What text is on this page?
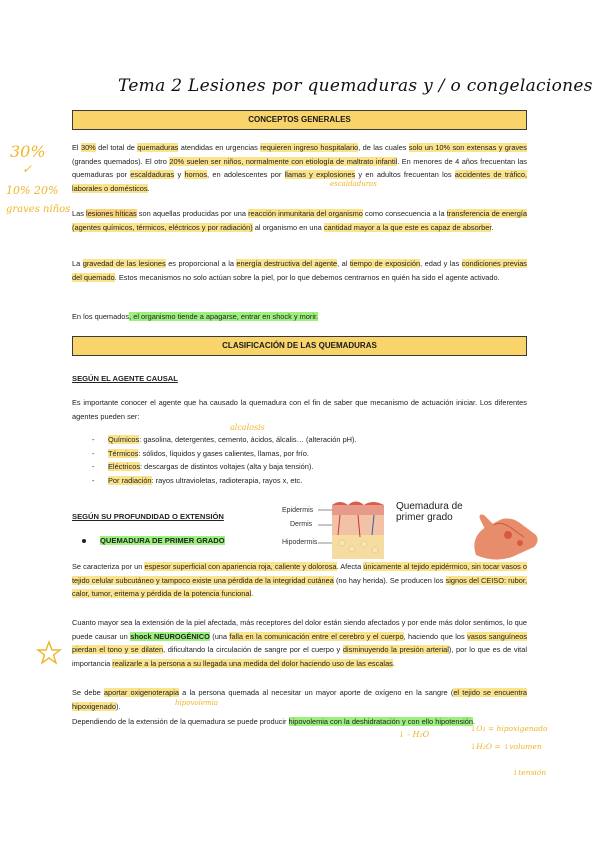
Tema 2 Lesiones por quemaduras y / o congelaciones
CONCEPTOS GENERALES
El 30% del total de quemaduras atendidas en urgencias requieren ingreso hospitalario, de las cuales solo un 10% son extensas y graves (grandes quemados). El otro 20% suelen ser niños, normalmente con etiología de maltrato infantil. En menores de 4 años frecuentan las quemaduras por escaldaduras y hornos, en adolescentes por llamas y explosiones y en adultos frecuentan los accidentes de tráfico, laborales o domésticos.
Las lesiones híticas son aquellas producidas por una reacción inmunitaria del organismo como consecuencia a la transferencia de energía (agentes químicos, térmicos, eléctricos y por radiación) al organismo en una cantidad mayor a la que este es capaz de absorber.
La gravedad de las lesiones es proporcional a la energía destructiva del agente, al tiempo de exposición, edad y las condiciones previas del quemado. Estos mecanismos no solo actúan sobre la piel, por lo que debemos centrarnos en quién ha sido el agente activado.
En los quemados, el organismo tiende a apagarse, entrar en shock y morir.
CLASIFICACIÓN DE LAS QUEMADURAS
SEGÚN EL AGENTE CAUSAL
Es importante conocer el agente que ha causado la quemadura con el fin de saber que mecanismo de actuación iniciar. Los diferentes agentes pueden ser:
- Químicos: gasolina, detergentes, cemento, ácidos, álcalis… (alteración pH).
- Térmicos: sólidos, líquidos y gases calientes, llamas, por frío.
- Eléctricos: descargas de distintos voltajes (alta y baja tensión).
- Por radiación: rayos ultravioletas, radioterapia, rayos x, etc.
SEGÚN SU PROFUNDIDAD O EXTENSIÓN
QUEMADURA DE PRIMER GRADO
Epidermis
Dermis
Hipodermis
Quemadura de
primer grado
Se caracteriza por un espesor superficial con apariencia roja, caliente y dolorosa. Afecta únicamente al tejido epidérmico, sin tocar vasos o tejido celular subcutáneo y tampoco existe una pérdida de la integridad cutánea (no hay herida). Se producen los signos del CEISO: rubor, calor, tumor, eritema y pérdida de la potencia funcional.
Cuanto mayor sea la extensión de la piel afectada, más receptores del dolor están siendo afectados y por ende más dolor sentimos, lo que puede causar un shock NEUROGÉNICO (una falla en la comunicación entre el cerebro y el cuerpo, haciendo que los vasos sanguíneos pierdan el tono y se dilaten, dificultando la circulación de sangre por el cuerpo y disminuyendo la presión arterial), por lo que es de vital importancia realizarle a la persona a su llegada una medida del dolor haciendo uso de las escalas.
Se debe aportar oxigenoterapia a la persona quemada al necesitar un mayor aporte de oxígeno en la sangre (el tejido se encuentra hipoxigenado).
Dependiendo de la extensión de la quemadura se puede producir hipovolemia con la deshidratación y con ello hipotensión.
30%
✓
10% 20%
graves niños
escaldaduras
alcalosis
hipovolemia
↓ - H₂O
↓O₂ = hipoxigenado
↓H₂O = ↓volumen
↓tensión
